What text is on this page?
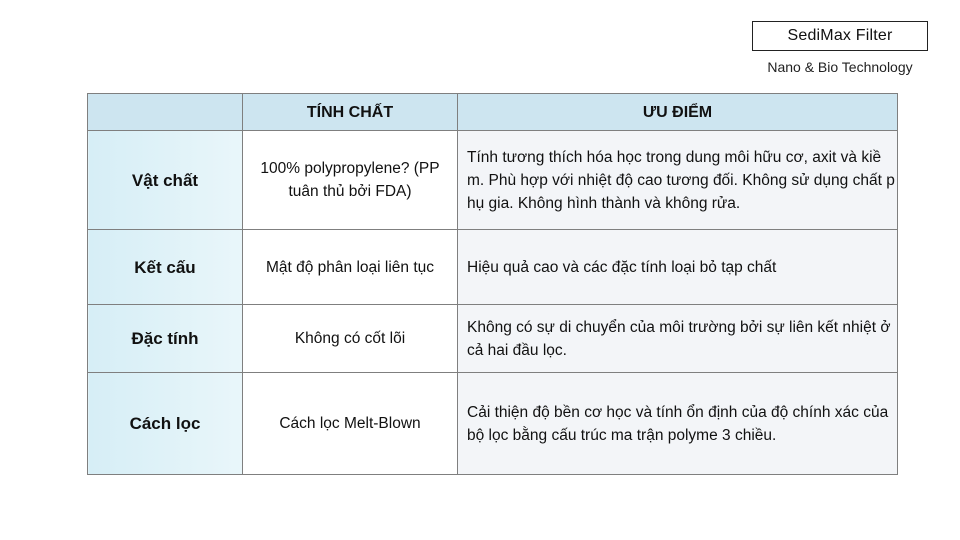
SediMax Filter
Nano & Bio Technology
	TÍNH CHẤT	ƯU ĐIỂM
Vật chất	100% polypropylene? (PP tuân thủ bởi FDA)	Tính tương thích hóa học trong dung môi hữu cơ, axit và kiềm. Phù hợp với nhiệt độ cao tương đối. Không sử dụng chất phụ gia. Không hình thành và không rửa.
Kết cấu	Mật độ phân loại liên tục	Hiệu quả cao và các đặc tính loại bỏ tạp chất
Đặc tính	Không có cốt lõi	Không có sự di chuyển của môi trường bởi sự liên kết nhiệt ở cả hai đầu lọc.
Cách lọc	Cách lọc Melt-Blown	Cải thiện độ bền cơ học và tính ổn định của độ chính xác của bộ lọc bằng cấu trúc ma trận polyme 3 chiều.
